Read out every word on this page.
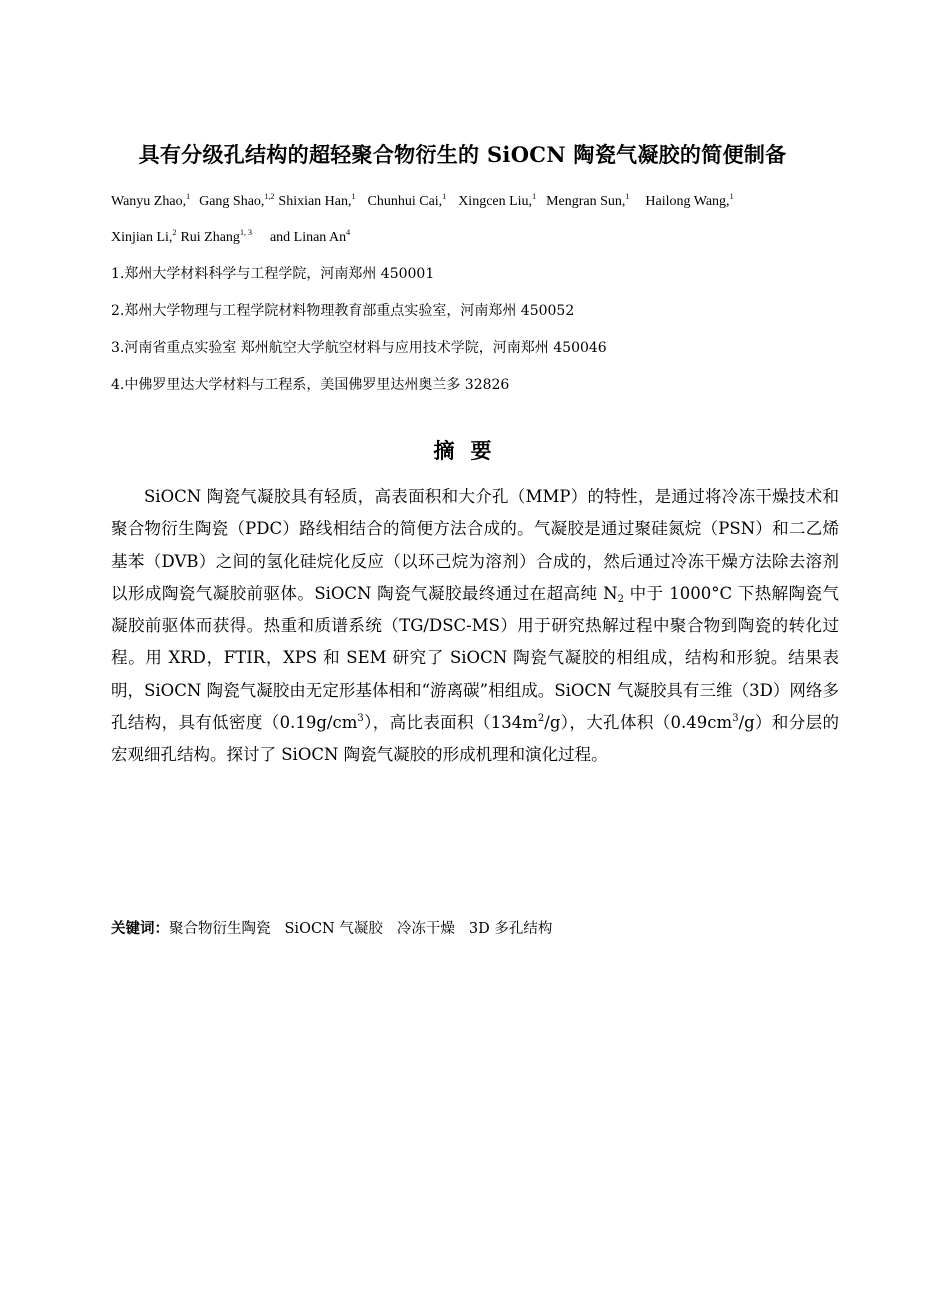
具有分级孔结构的超轻聚合物衍生的 SiOCN 陶瓷气凝胶的简便制备
Wanyu Zhao,$^1$ Gang Shao,$^{1,2}$ Shixian Han,$^1$ Chunhui Cai,$^1$ Xingcen Liu,$^1$ Mengran Sun,$^1$ Hailong Wang,$^1$
Xinjian Li,$^2$ Rui Zhang$^{1, 3}$ and Linan An$^4$
1.郑州大学材料科学与工程学院，河南郑州 450001
2.郑州大学物理与工程学院材料物理教育部重点实验室，河南郑州 450052
3.河南省重点实验室 郑州航空大学航空材料与应用技术学院，河南郑州 450046
4.中佛罗里达大学材料与工程系，美国佛罗里达州奥兰多 32826
摘要

SiOCN 陶瓷气凝胶具有轻质，高表面积和大介孔（MMP）的特性，是通过将冷冻干燥技术和聚合物衍生陶瓷（PDC）路线相结合的简便方法合成的。气凝胶是通过聚硅氮烷（PSN）和二乙烯基苯（DVB）之间的氢化硅烷化反应（以环己烷为溶剂）合成的，然后通过冷冻干燥方法除去溶剂以形成陶瓷气凝胶前驱体。SiOCN 陶瓷气凝胶最终通过在超高纯 $N_2$ 中于 1000°C 下热解陶瓷气凝胶前驱体而获得。热重和质谱系统（TG/DSC-MS）用于研究热解过程中聚合物到陶瓷的转化过程。用 XRD，FTIR，XPS 和 SEM 研究了 SiOCN 陶瓷气凝胶的相组成，结构和形貌。结果表明，SiOCN 陶瓷气凝胶由无定形基体相和“游离碳”相组成。SiOCN 气凝胶具有三维（3D）网络多孔结构，具有低密度$(0.19g/cm^3)$，高比表面积$(134m^2/g)$，大孔体积$(0.49cm^3/g)$和分层的宏观细孔结构。探讨了 SiOCN 陶瓷气凝胶的形成机理和演化过程。

关键词：聚合物衍生陶瓷 SiOCN 气凝胶 冷冻干燥 3D 多孔结构
